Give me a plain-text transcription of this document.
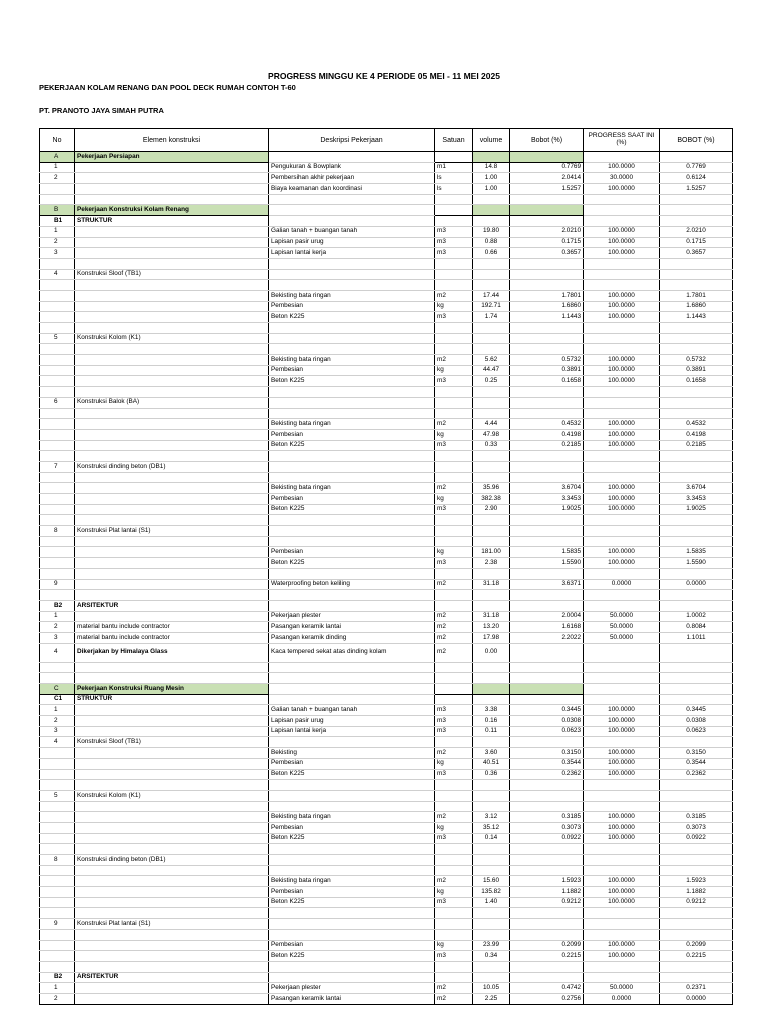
PROGRESS MINGGU KE 4 PERIODE 05 MEI - 11 MEI 2025
PEKERJAAN KOLAM RENANG DAN POOL DECK RUMAH CONTOH T-60
PT. PRANOTO JAYA SIMAH PUTRA
No	Elemen konstruksi	Deskripsi Pekerjaan	Satuan	volume	Bobot (%)	PROGRESS SAAT INI (%)	BOBOT (%)
A	Pekerjaan Persiapan						
1		Pengukuran & Bowplank	m1	14.8	0.7769	100.0000	0.7769
2		Pembersihan akhir pekerjaan	ls	1.00	2.0414	30.0000	0.6124
		Biaya keamanan dan koordinasi	ls	1.00	1.5257	100.0000	1.5257

B	Pekerjaan Konstruksi Kolam Renang						
B1	STRUKTUR						
1		Galian tanah + buangan tanah	m3	19.80	2.0210	100.0000	2.0210
2		Lapisan pasir urug	m3	0.88	0.1715	100.0000	0.1715
3		Lapisan lantai kerja	m3	0.66	0.3657	100.0000	0.3657

4	Konstruksi Sloof (TB1)						

		Bekisting bata ringan	m2	17.44	1.7801	100.0000	1.7801
		Pembesian	kg	192.71	1.6860	100.0000	1.6860
		Beton K225	m3	1.74	1.1443	100.0000	1.1443

5	Konstruksi Kolom (K1)						

		Bekisting bata ringan	m2	5.62	0.5732	100.0000	0.5732
		Pembesian	kg	44.47	0.3891	100.0000	0.3891
		Beton K225	m3	0.25	0.1658	100.0000	0.1658

6	Konstruksi Balok (BA)						

		Bekisting bata ringan	m2	4.44	0.4532	100.0000	0.4532
		Pembesian	kg	47.98	0.4198	100.0000	0.4198
		Beton K225	m3	0.33	0.2185	100.0000	0.2185

7	Konstruksi dinding beton (DB1)						

		Bekisting bata ringan	m2	35.96	3.6704	100.0000	3.6704
		Pembesian	kg	382.38	3.3453	100.0000	3.3453
		Beton K225	m3	2.90	1.9025	100.0000	1.9025

8	Konstruksi Plat lantai (S1)						

		Pembesian	kg	181.00	1.5835	100.0000	1.5835
		Beton K225	m3	2.38	1.5590	100.0000	1.5590

9		Waterproofing beton keliling	m2	31.18	3.6371	0.0000	0.0000

B2	ARSITEKTUR						
1		Pekerjaan plester	m2	31.18	2.0004	50.0000	1.0002
2	material bantu include contractor	Pasangan keramik lantai	m2	13.20	1.6168	50.0000	0.8084
3	material bantu include contractor	Pasangan keramik dinding	m2	17.98	2.2022	50.0000	1.1011
4	Dikerjakan by Himalaya Glass	Kaca tempered sekat atas dinding kolam	m2	0.00			

C	Pekerjaan Konstruksi Ruang Mesin						
C1	STRUKTUR						
1		Galian tanah + buangan tanah	m3	3.38	0.3445	100.0000	0.3445
2		Lapisan pasir urug	m3	0.16	0.0308	100.0000	0.0308
3		Lapisan lantai kerja	m3	0.11	0.0623	100.0000	0.0623
4	Konstruksi Sloof (TB1)						
		Bekisting	m2	3.60	0.3150	100.0000	0.3150
		Pembesian	kg	40.51	0.3544	100.0000	0.3544
		Beton K225	m3	0.36	0.2362	100.0000	0.2362

5	Konstruksi Kolom (K1)						

		Bekisting bata ringan	m2	3.12	0.3185	100.0000	0.3185
		Pembesian	kg	35.12	0.3073	100.0000	0.3073
		Beton K225	m3	0.14	0.0922	100.0000	0.0922

8	Konstruksi dinding beton (DB1)						

		Bekisting bata ringan	m2	15.60	1.5923	100.0000	1.5923
		Pembesian	kg	135.82	1.1882	100.0000	1.1882
		Beton K225	m3	1.40	0.9212	100.0000	0.9212

9	Konstruksi Plat lantai (S1)						

		Pembesian	kg	23.99	0.2099	100.0000	0.2099
		Beton K225	m3	0.34	0.2215	100.0000	0.2215

B2	ARSITEKTUR						
1		Pekerjaan plester	m2	10.05	0.4742	50.0000	0.2371
2		Pasangan keramik lantai	m2	2.25	0.2756	0.0000	0.0000
